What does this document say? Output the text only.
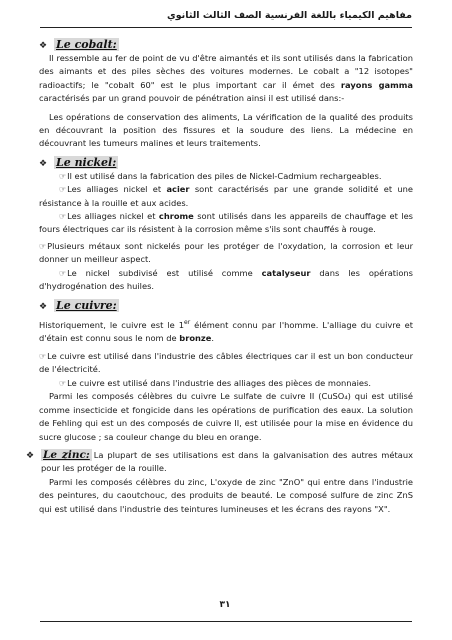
مفاهيم الكيمياء باللغة الفرنسية الصف الثالث الثانوي
❖ Le cobalt:

Il ressemble au fer de point de vu d'être aimantés et ils sont utilisés dans la fabrication des aimants et des piles sèches des voitures modernes. Le cobalt a "12 isotopes" radioactifs; le "cobalt 60" est le plus important car il émet des rayons gamma caractérisés par un grand pouvoir de pénétration ainsi il est utilisé dans:-

Les opérations de conservation des aliments, La vérification de la qualité des produits en découvrant la position des fissures et la soudure des liens. La médecine en découvrant les tumeurs malines et leurs traitements.

❖ Le nickel:

☞Il est utilisé dans la fabrication des piles de Nickel-Cadmium rechargeables.

☞Les alliages nickel et acier sont caractérisés par une grande solidité et une résistance à la rouille et aux acides.

☞Les alliages nickel et chrome sont utilisés dans les appareils de chauffage et les fours électriques car ils résistent à la corrosion même s'ils sont chauffés à rouge.

☞Plusieurs métaux sont nickelés pour les protéger de l'oxydation, la corrosion et leur donner un meilleur aspect.

☞Le nickel subdivisé est utilisé comme catalyseur dans les opérations d'hydrogénation des huiles.

❖ Le cuivre:

Historiquement, le cuivre est le 1er élément connu par l'homme. L'alliage du cuivre et d'étain est connu sous le nom de bronze.

☞Le cuivre est utilisé dans l'industrie des câbles électriques car il est un bon conducteur de l'électricité.

☞Le cuivre est utilisé dans l'industrie des alliages des pièces de monnaies.

Parmi les composés célèbres du cuivre Le sulfate de cuivre II (CuSO₄) qui est utilisé comme insecticide et fongicide dans les opérations de purification des eaux. La solution de Fehling qui est un des composés de cuivre II, est utilisée pour la mise en évidence du sucre glucose ; sa couleur change du bleu en orange.

❖ Le zinc: La plupart de ses utilisations est dans la galvanisation des autres métaux pour les protéger de la rouille.

Parmi les composés célèbres du zinc, L'oxyde de zinc "ZnO" qui entre dans l'industrie des peintures, du caoutchouc, des produits de beauté. Le composé sulfure de zinc ZnS qui est utilisé dans l'industrie des teintures lumineuses et les écrans des rayons "X".

٣١
